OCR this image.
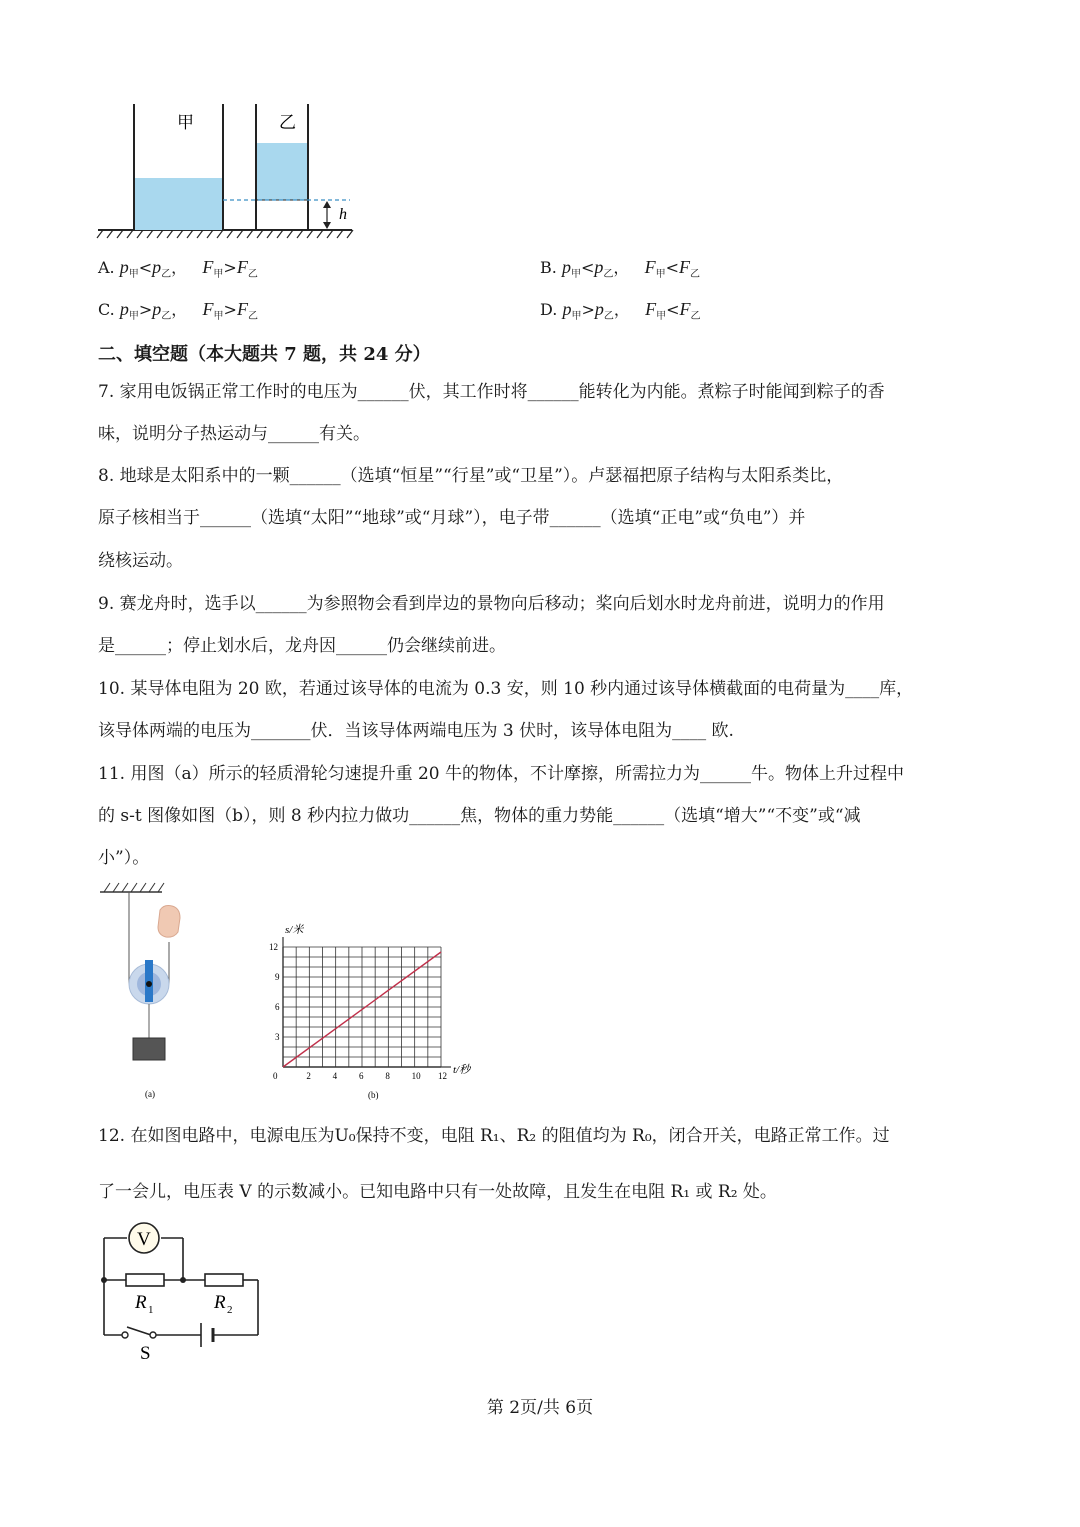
甲	乙
h
A. $p_甲<p_乙$，   $F_甲>F_乙$	B. $p_甲<p_乙$，   $F_甲<F_乙$
C. $p_甲>p_乙$，   $F_甲>F_乙$	D. $p_甲>p_乙$，   $F_甲<F_乙$
二、填空题（本大题共 7 题，共 24 分）
7. 家用电饭锅正常工作时的电压为______伏，其工作时将______能转化为内能。煮粽子时能闻到粽子的香
味，说明分子热运动与______有关。
8. 地球是太阳系中的一颗______（选填“恒星”“行星”或“卫星”）。卢瑟福把原子结构与太阳系类比，
原子核相当于______（选填“太阳”“地球”或“月球”），电子带______（选填“正电”或“负电”）并
绕核运动。
9. 赛龙舟时，选手以______为参照物会看到岸边的景物向后移动；桨向后划水时龙舟前进，说明力的作用
是______；停止划水后，龙舟因______仍会继续前进。
10. 某导体电阻为 20 欧，若通过该导体的电流为 0.3 安，则 10 秒内通过该导体横截面的电荷量为____库，
该导体两端的电压为_______伏．当该导体两端电压为 3 伏时，该导体电阻为____ 欧.
11. 用图（a）所示的轻质滑轮匀速提升重 20 牛的物体，不计摩擦，所需拉力为______牛。物体上升过程中
的 s-t 图像如图（b），则 8 秒内拉力做功______焦，物体的重力势能______（选填“增大”“不变”或“减
小”）。
(a)
s/米
t/秒
(b)
0	2 4 6 8 10 12
3
6
9
12
12. 在如图电路中，电源电压为U₀保持不变，电阻 R₁、R₂ 的阻值均为 R₀，闭合开关，电路正常工作。过
了一会儿，电压表 V 的示数减小。已知电路中只有一处故障，且发生在电阻 R₁ 或 R₂ 处。
V
R 1	R 2
S
第 2页/共 6页
